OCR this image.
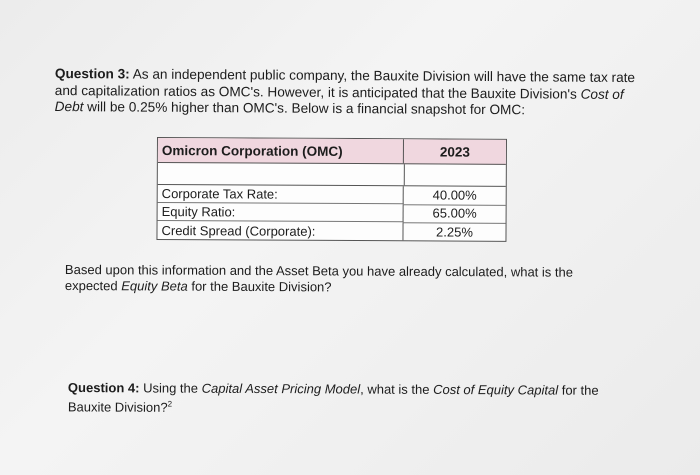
Question 3: As an independent public company, the Bauxite Division will have the same tax rate and capitalization ratios as OMC's. However, it is anticipated that the Bauxite Division's Cost of Debt will be 0.25% higher than OMC's. Below is a financial snapshot for OMC:
Omicron Corporation (OMC)	2023
Corporate Tax Rate:	40.00%
Equity Ratio:	65.00%
Credit Spread (Corporate):	2.25%
Based upon this information and the Asset Beta you have already calculated, what is the expected Equity Beta for the Bauxite Division?
Question 4: Using the Capital Asset Pricing Model, what is the Cost of Equity Capital for the Bauxite Division?$^2$
